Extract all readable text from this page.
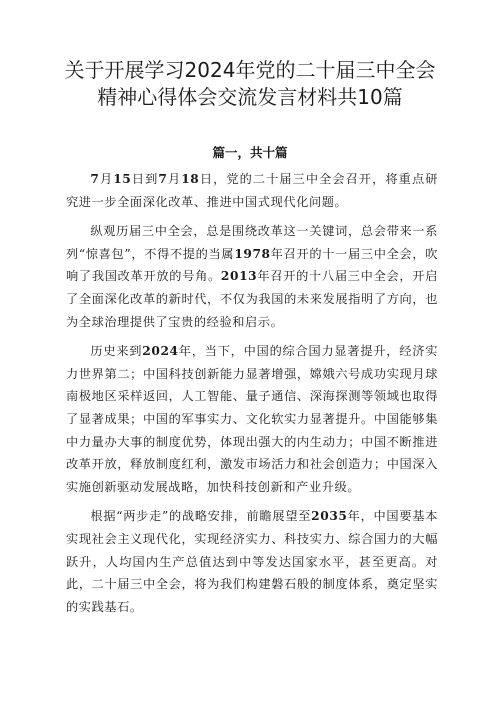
关于开展学习2024年党的二十届三中全会
精神心得体会交流发言材料共10篇
篇一，共十篇

7月15日到7月18日，党的二十届三中全会召开，将重点研究进一步全面深化改革、推进中国式现代化问题。

纵观历届三中全会，总是围绕改革这一关键词，总会带来一系列“惊喜包”，不得不提的当属1978年召开的十一届三中全会，吹响了我国改革开放的号角。2013年召开的十八届三中全会，开启了全面深化改革的新时代，不仅为我国的未来发展指明了方向，也为全球治理提供了宝贵的经验和启示。

历史来到2024年，当下，中国的综合国力显著提升，经济实力世界第二；中国科技创新能力显著增强，嫦娥六号成功实现月球南极地区采样返回，人工智能、量子通信、深海探测等领域也取得了显著成果；中国的军事实力、文化软实力显著提升。中国能够集中力量办大事的制度优势，体现出强大的内生动力；中国不断推进改革开放，释放制度红利，激发市场活力和社会创造力；中国深入实施创新驱动发展战略，加快科技创新和产业升级。

根据“两步走”的战略安排，前瞻展望至2035年，中国要基本实现社会主义现代化，实现经济实力、科技实力、综合国力的大幅跃升，人均国内生产总值达到中等发达国家水平，甚至更高。对此，二十届三中全会，将为我们构建磐石般的制度体系，奠定坚实的实践基石。
